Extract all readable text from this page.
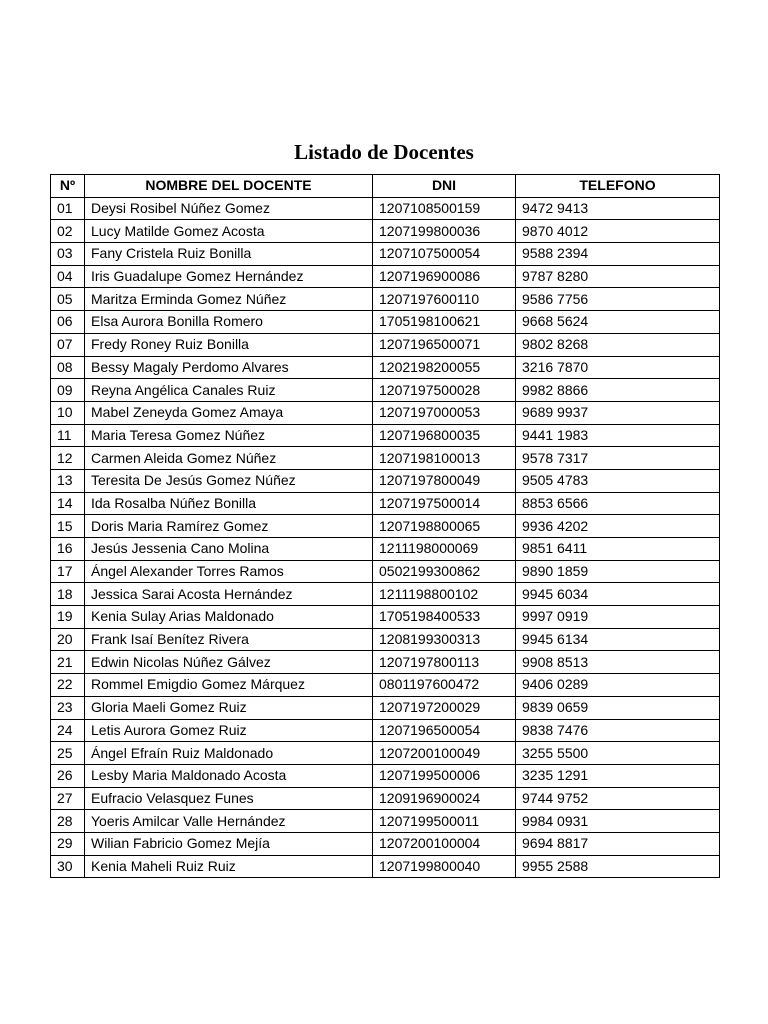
Listado de Docentes
Nº	NOMBRE DEL DOCENTE	DNI	TELEFONO
01	Deysi Rosibel Núñez Gomez	1207108500159	9472 9413
02	Lucy Matilde Gomez Acosta	1207199800036	9870 4012
03	Fany Cristela Ruiz Bonilla	1207107500054	9588 2394
04	Iris Guadalupe Gomez Hernández	1207196900086	9787 8280
05	Maritza Erminda Gomez Núñez	1207197600110	9586 7756
06	Elsa Aurora Bonilla Romero	1705198100621	9668 5624
07	Fredy Roney Ruiz Bonilla	1207196500071	9802 8268
08	Bessy Magaly Perdomo Alvares	1202198200055	3216 7870
09	Reyna Angélica Canales Ruiz	1207197500028	9982 8866
10	Mabel Zeneyda Gomez Amaya	1207197000053	9689 9937
11	Maria Teresa Gomez Núñez	1207196800035	9441 1983
12	Carmen Aleida Gomez Núñez	1207198100013	9578 7317
13	Teresita De Jesús Gomez Núñez	1207197800049	9505 4783
14	Ida Rosalba Núñez Bonilla	1207197500014	8853 6566
15	Doris Maria Ramírez Gomez	1207198800065	9936 4202
16	Jesús Jessenia Cano Molina	1211198000069	9851 6411
17	Ángel Alexander Torres Ramos	0502199300862	9890 1859
18	Jessica Sarai Acosta Hernández	1211198800102	9945 6034
19	Kenia Sulay Arias Maldonado	1705198400533	9997 0919
20	Frank Isaí Benítez Rivera	1208199300313	9945 6134
21	Edwin Nicolas Núñez Gálvez	1207197800113	9908 8513
22	Rommel Emigdio Gomez Márquez	0801197600472	9406 0289
23	Gloria Maeli Gomez Ruiz	1207197200029	9839 0659
24	Letis Aurora Gomez Ruiz	1207196500054	9838 7476
25	Ángel Efraín Ruiz Maldonado	1207200100049	3255 5500
26	Lesby Maria Maldonado Acosta	1207199500006	3235 1291
27	Eufracio Velasquez Funes	1209196900024	9744 9752
28	Yoeris Amilcar Valle Hernández	1207199500011	9984 0931
29	Wilian Fabricio Gomez Mejía	1207200100004	9694 8817
30	Kenia Maheli Ruiz Ruiz	1207199800040	9955 2588
